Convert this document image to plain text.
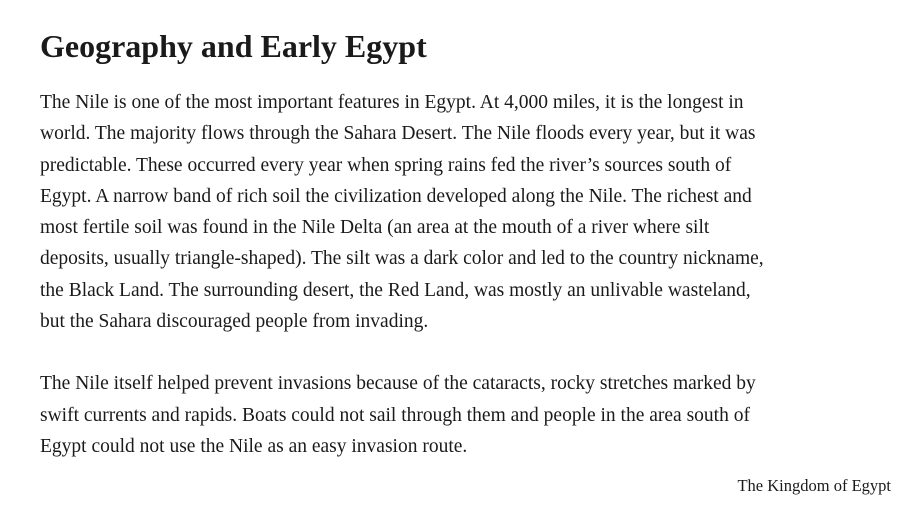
Geography and Early Egypt

The Nile is one of the most important features in Egypt. At 4,000 miles, it is the longest in
world. The majority flows through the Sahara Desert. The Nile floods every year, but it was
predictable. These occurred every year when spring rains fed the river’s sources south of
Egypt. A narrow band of rich soil the civilization developed along the Nile. The richest and
most fertile soil was found in the Nile Delta (an area at the mouth of a river where silt
deposits, usually triangle-shaped). The silt was a dark color and led to the country nickname,
the Black Land. The surrounding desert, the Red Land, was mostly an unlivable wasteland,
but the Sahara discouraged people from invading.

The Nile itself helped prevent invasions because of the cataracts, rocky stretches marked by
swift currents and rapids. Boats could not sail through them and people in the area south of
Egypt could not use the Nile as an easy invasion route.

The Kingdom of Egypt
